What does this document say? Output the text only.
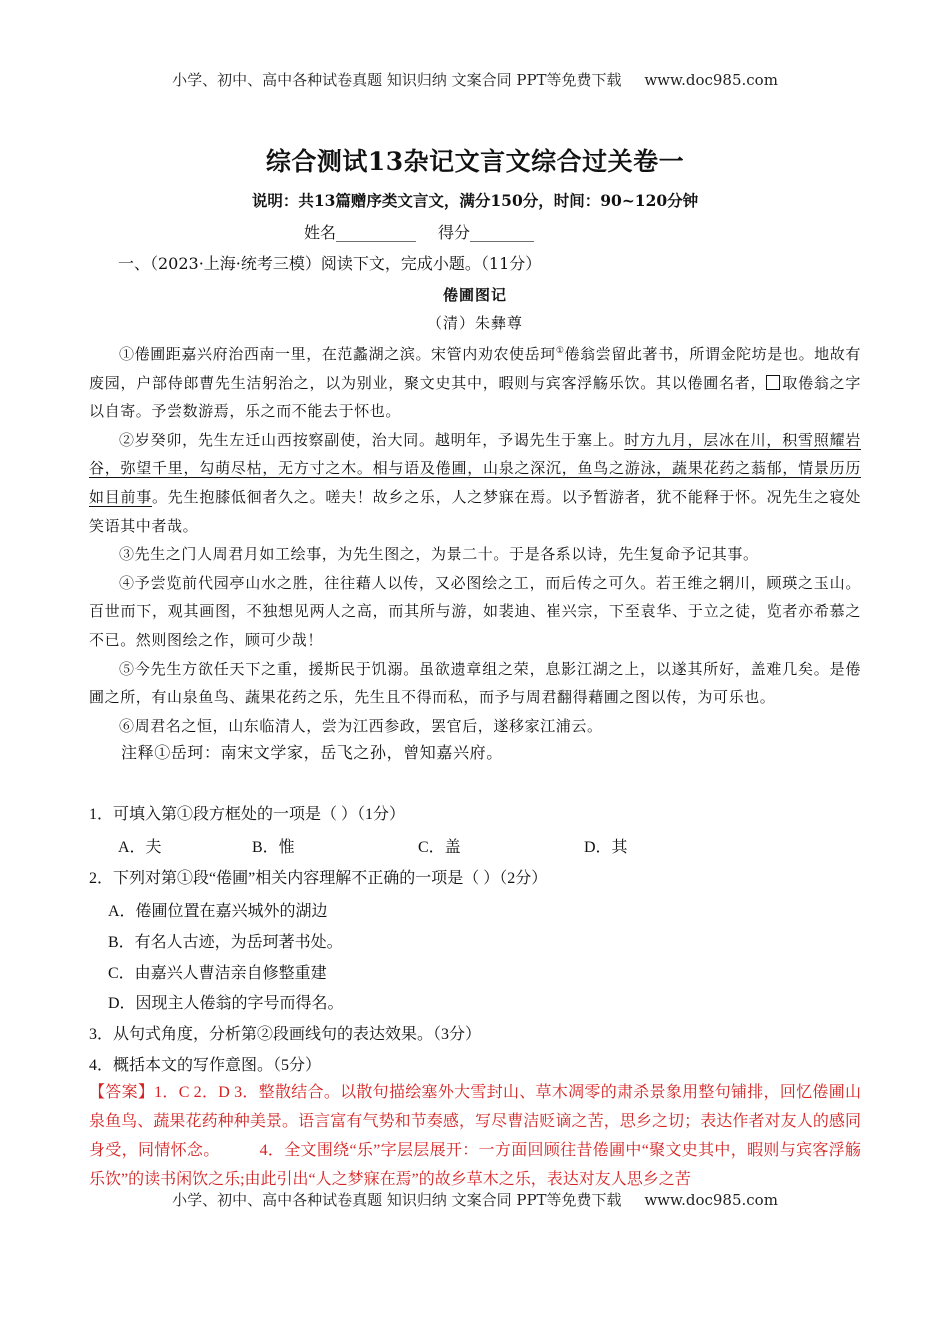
小学、初中、高中各种试卷真题 知识归纳 文案合同 PPT等免费下载 www.doc985.com
综合测试13杂记文言文综合过关卷一
说明：共13篇赠序类文言文，满分150分，时间：90~120分钟
姓名__________ 得分________
一、（2023·上海·统考三模）阅读下文，完成小题。（11分）
倦圃图记
（清）朱彝尊

①倦圃距嘉兴府治西南一里，在范蠡湖之滨。宋管内劝农使岳珂①倦翁尝留此著书，所谓金陀坊是也。地故有废园，户部侍郎曹先生洁躬治之，以为别业，聚文史其中，暇则与宾客浮觞乐饮。其以倦圃名者， 取倦翁之字以自寄。予尝数游焉，乐之而不能去于怀也。

②岁癸卯，先生左迁山西按察副使，治大同。越明年，予谒先生于塞上。时方九月，层冰在川，积雪照耀岩谷，弥望千里，勾萌尽枯，无方寸之木。相与语及倦圃，山泉之深沉，鱼鸟之游泳，蔬果花药之蓊郁，情景历历如目前事。先生抱膝低徊者久之。嗟夫！故乡之乐，人之梦寐在焉。以予暂游者，犹不能释于怀。况先生之寝处笑语其中者哉。

③先生之门人周君月如工绘事，为先生图之，为景二十。于是各系以诗，先生复命予记其事。

④予尝览前代园亭山水之胜，往往藉人以传，又必图绘之工，而后传之可久。若王维之辋川，顾瑛之玉山。百世而下，观其画图，不独想见两人之高，而其所与游，如裴迪、崔兴宗，下至袁华、于立之徒，览者亦希慕之不已。然则图绘之作，顾可少哉！

⑤今先生方欲任天下之重，援斯民于饥溺。虽欲遗章组之荣，息影江湖之上，以遂其所好，盖难几矣。是倦圃之所，有山泉鱼鸟、蔬果花药之乐，先生且不得而私，而予与周君翻得藉圃之图以传，为可乐也。

⑥周君名之恒，山东临清人，尝为江西参政，罢官后，遂移家江浦云。

注释①岳珂：南宋文学家，岳飞之孙，曾知嘉兴府。

1．可填入第①段方框处的一项是（ ）（1分）
A．夫	B．惟	C．盖	D．其
2．下列对第①段“倦圃”相关内容理解不正确的一项是（ ）（2分）
A．倦圃位置在嘉兴城外的湖边
B．有名人古迹，为岳珂著书处。
C．由嘉兴人曹洁亲自修整重建
D．因现主人倦翁的字号而得名。
3．从句式角度，分析第②段画线句的表达效果。（3分）
4．概括本文的写作意图。（5分）
【答案】1．C 2．D 3．整散结合。以散句描绘塞外大雪封山、草木凋零的肃杀景象用整句铺排，回忆倦圃山泉鱼鸟、蔬果花药种种美景。语言富有气势和节奏感，写尽曹洁贬谪之苦，思乡之切；表达作者对友人的感同身受，同情怀念。	4．全文围绕“乐”字层层展开：一方面回顾往昔倦圃中“聚文史其中，暇则与宾客浮觞乐饮”的读书闲饮之乐;由此引出“人之梦寐在焉”的故乡草木之乐，表达对友人思乡之苦
小学、初中、高中各种试卷真题 知识归纳 文案合同 PPT等免费下载 www.doc985.com
